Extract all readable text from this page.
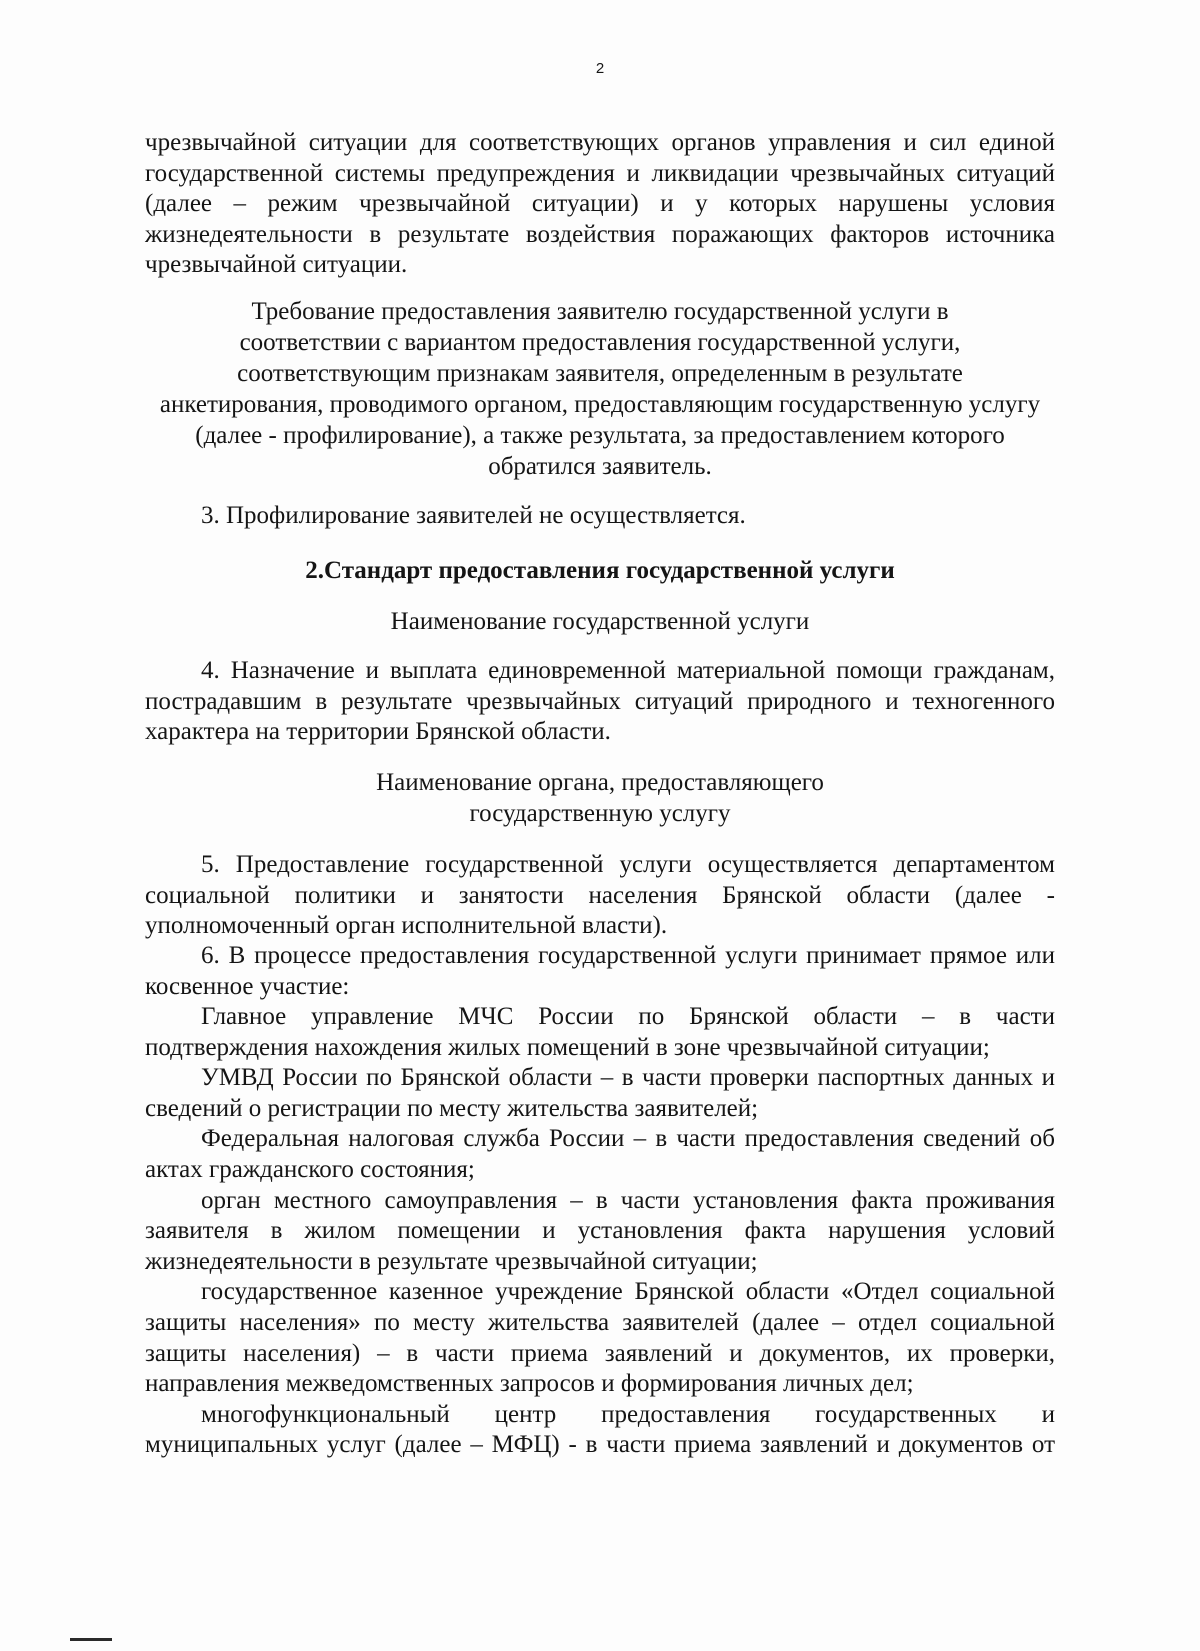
2
чрезвычайной ситуации для соответствующих органов управления и сил единой
государственной системы предупреждения и ликвидации чрезвычайных ситуаций
(далее – режим чрезвычайной ситуации) и у которых нарушены условия
жизнедеятельности в результате воздействия поражающих факторов источника
чрезвычайной ситуации.
Требование предоставления заявителю государственной услуги в
соответствии с вариантом предоставления государственной услуги,
соответствующим признакам заявителя, определенным в результате
анкетирования, проводимого органом, предоставляющим государственную услугу
(далее - профилирование), а также результата, за предоставлением которого
обратился заявитель.
3. Профилирование заявителей не осуществляется.
2.Стандарт предоставления государственной услуги
Наименование государственной услуги
4. Назначение и выплата единовременной материальной помощи гражданам,
пострадавшим в результате чрезвычайных ситуаций природного и техногенного
характера на территории Брянской области.
Наименование органа, предоставляющего
государственную услугу
5. Предоставление государственной услуги осуществляется департаментом
социальной политики и занятости населения Брянской области (далее -
уполномоченный орган исполнительной власти).
6. В процессе предоставления государственной услуги принимает прямое или
косвенное участие:
Главное управление МЧС России по Брянской области – в части
подтверждения нахождения жилых помещений в зоне чрезвычайной ситуации;
УМВД России по Брянской области – в части проверки паспортных данных и
сведений о регистрации по месту жительства заявителей;
Федеральная налоговая служба России – в части предоставления сведений об
актах гражданского состояния;
орган местного самоуправления – в части установления факта проживания
заявителя в жилом помещении и установления факта нарушения условий
жизнедеятельности в результате чрезвычайной ситуации;
государственное казенное учреждение Брянской области «Отдел социальной
защиты населения» по месту жительства заявителей (далее – отдел социальной
защиты населения) – в части приема заявлений и документов, их проверки,
направления межведомственных запросов и формирования личных дел;
многофункциональный центр предоставления государственных и
муниципальных услуг (далее – МФЦ) - в части приема заявлений и документов от
